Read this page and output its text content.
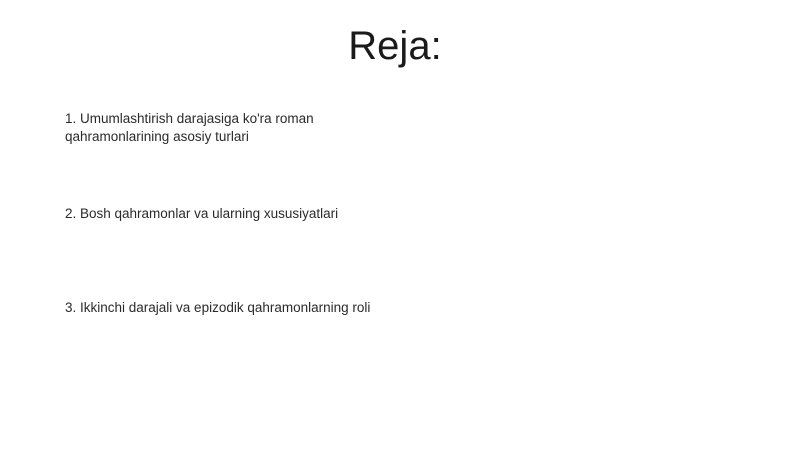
Reja:
1. Umumlashtirish darajasiga ko'ra roman
qahramonlarining asosiy turlari
2. Bosh qahramonlar va ularning xususiyatlari
3. Ikkinchi darajali va epizodik qahramonlarning roli
